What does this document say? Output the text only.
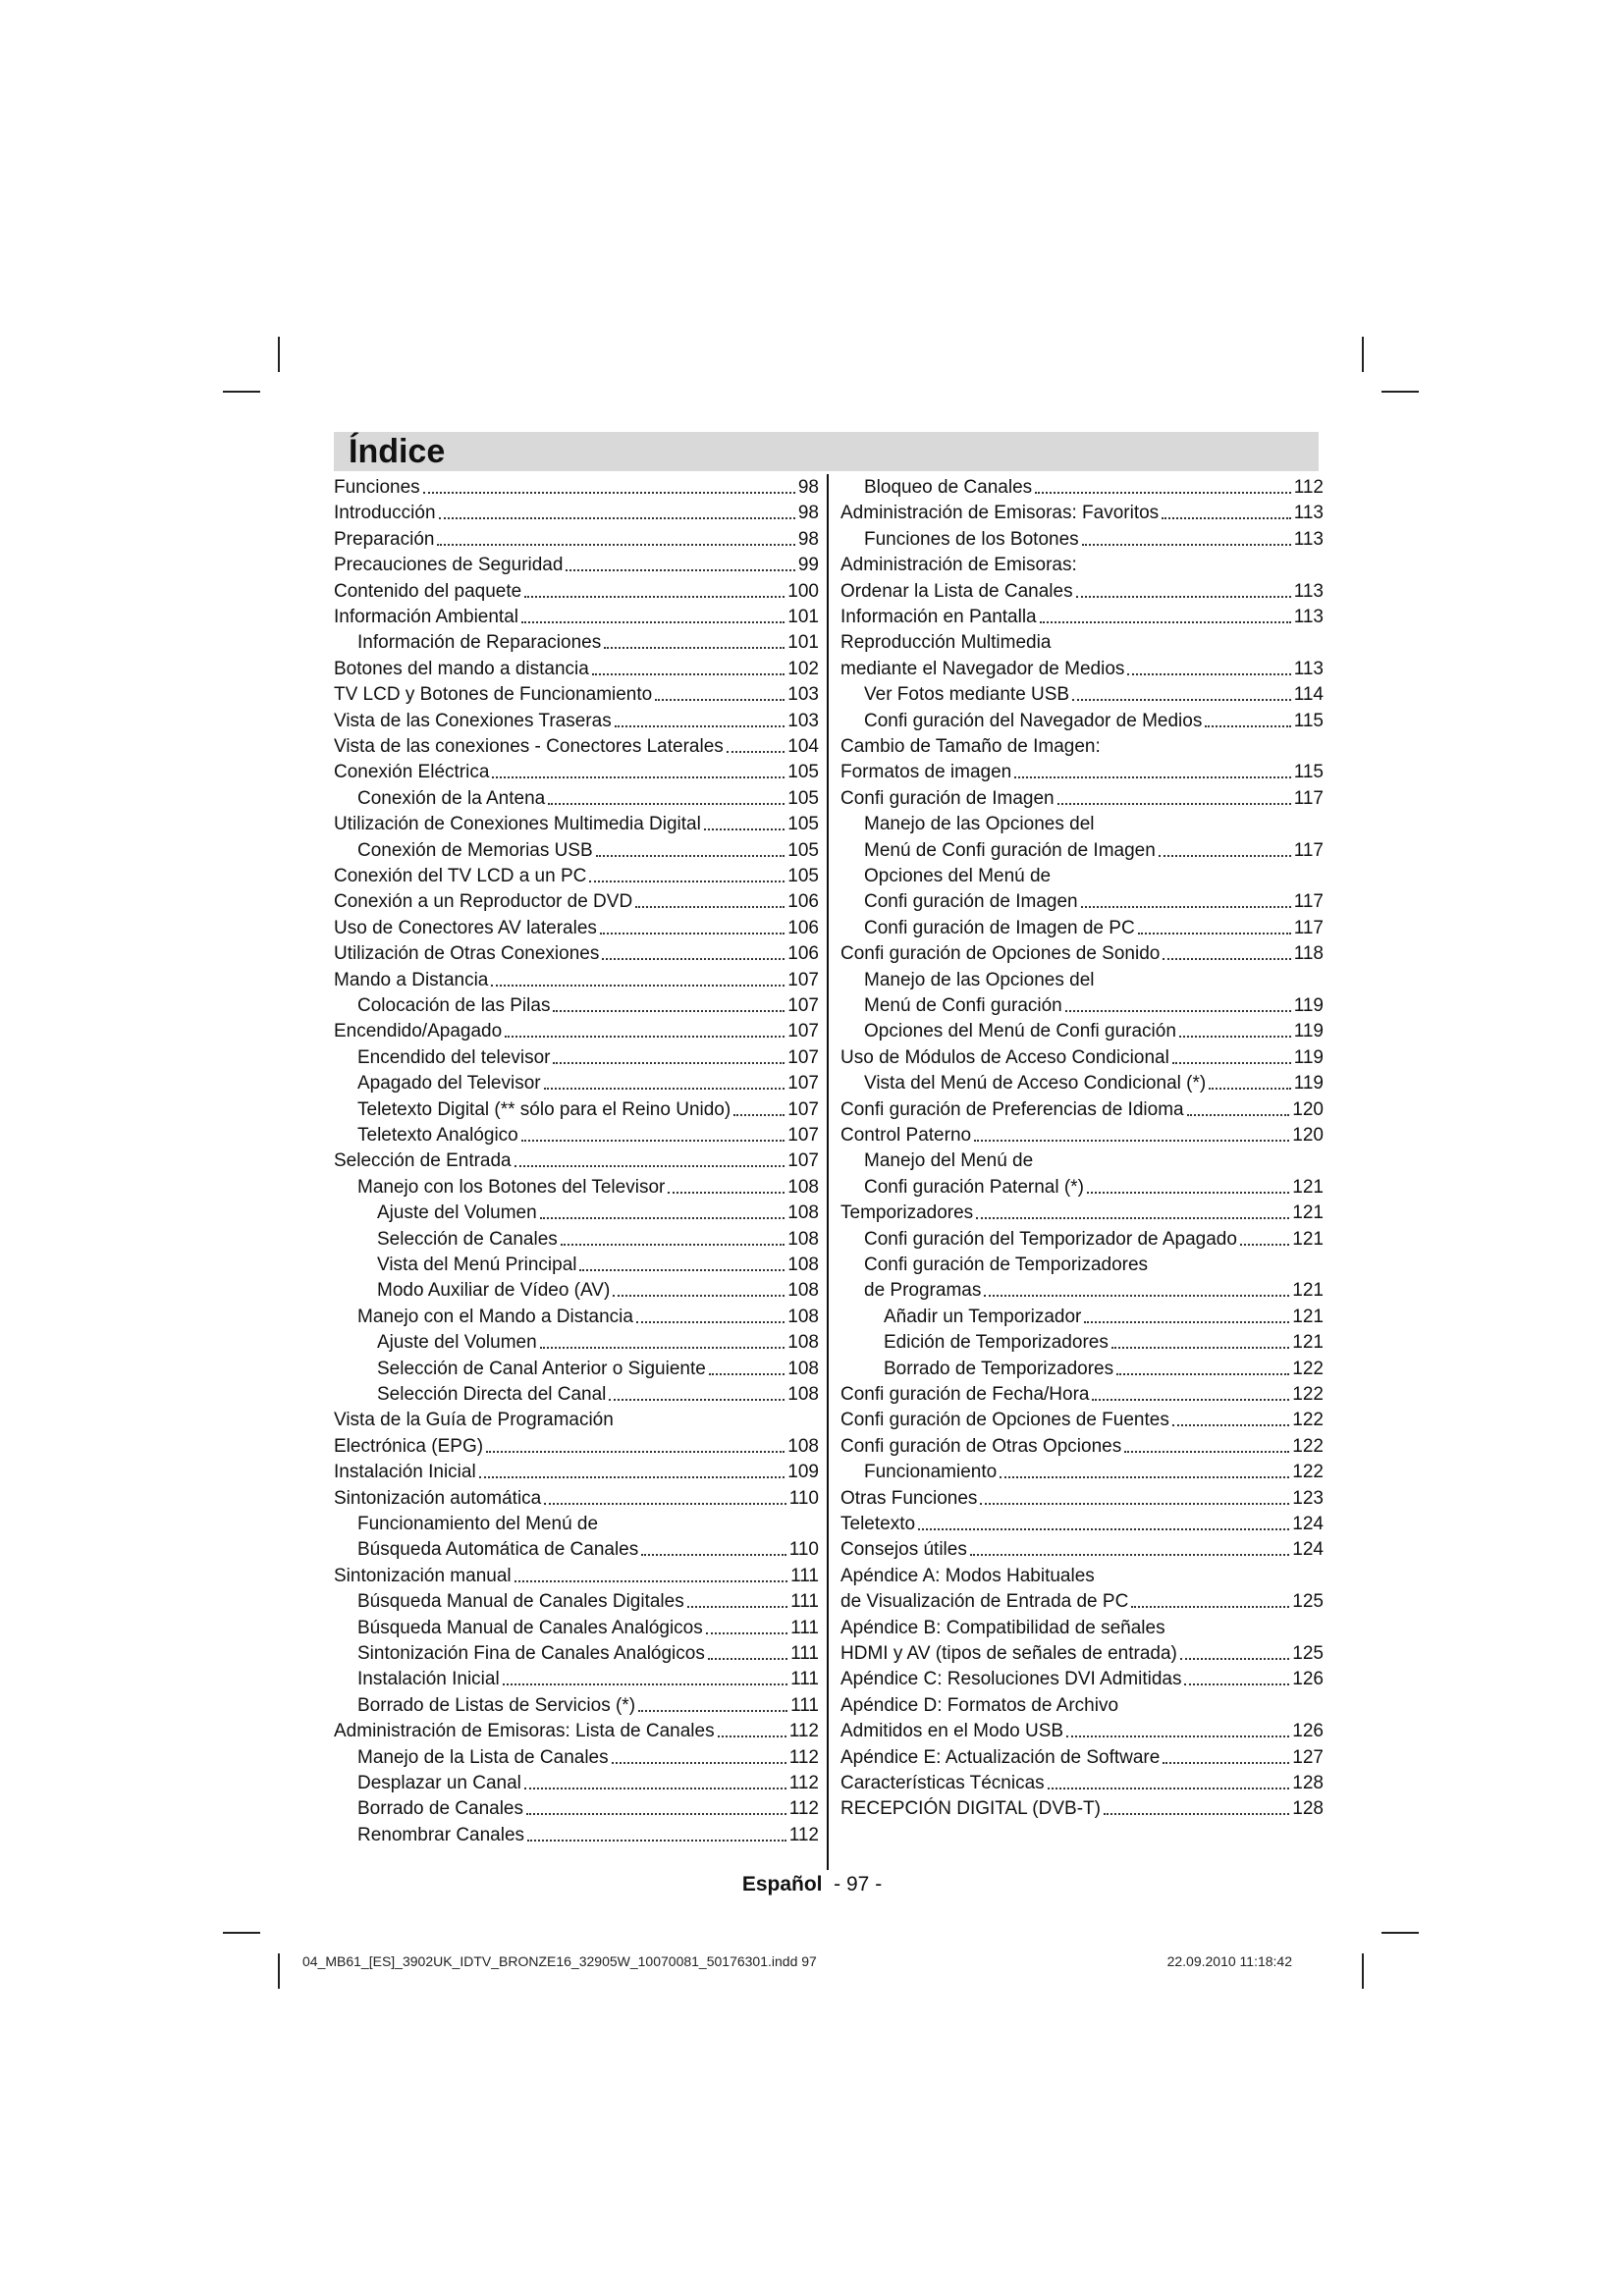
Índice
Funciones	98
Introducción	98
Preparación	98
Precauciones de Seguridad	99
Contenido del paquete	100
Información Ambiental	101
Información de Reparaciones	101
Botones del mando a distancia	102
TV LCD y Botones de Funcionamiento	103
Vista de las Conexiones Traseras	103
Vista de las conexiones - Conectores Laterales	104
Conexión Eléctrica	105
Conexión de la Antena	105
Utilización de Conexiones Multimedia Digital	105
Conexión de Memorias USB	105
Conexión del TV LCD a un PC	105
Conexión a un Reproductor de DVD	106
Uso de Conectores AV laterales	106
Utilización de Otras Conexiones	106
Mando a Distancia	107
Colocación de las Pilas	107
Encendido/Apagado	107
Encendido del televisor	107
Apagado del Televisor	107
Teletexto Digital (** sólo para el Reino Unido)	107
Teletexto Analógico	107
Selección de Entrada	107
Manejo con los Botones del Televisor	108
Ajuste del Volumen	108
Selección de Canales	108
Vista del Menú Principal	108
Modo Auxiliar de Vídeo (AV)	108
Manejo con el Mando a Distancia	108
Ajuste del Volumen	108
Selección de Canal Anterior o Siguiente	108
Selección Directa del Canal	108
Vista de la Guía de Programación
Electrónica (EPG)	108
Instalación Inicial	109
Sintonización automática	110
Funcionamiento del Menú de
Búsqueda Automática de Canales	110
Sintonización manual	111
Búsqueda Manual de Canales Digitales	111
Búsqueda Manual de Canales Analógicos	111
Sintonización Fina de Canales Analógicos	111
Instalación Inicial	111
Borrado de Listas de Servicios (*)	111
Administración de Emisoras: Lista de Canales	112
Manejo de la Lista de Canales	112
Desplazar un Canal	112
Borrado de Canales	112
Renombrar Canales	112
Bloqueo de Canales	112
Administración de Emisoras: Favoritos	113
Funciones de los Botones	113
Administración de Emisoras:
Ordenar la Lista de Canales	113
Información en Pantalla	113
Reproducción Multimedia
mediante el Navegador de Medios	113
Ver Fotos mediante USB	114
Confi guración del Navegador de Medios	115
Cambio de Tamaño de Imagen:
Formatos de imagen	115
Confi guración de Imagen	117
Manejo de las Opciones del
Menú de Confi guración de Imagen	117
Opciones del Menú de
Confi guración de Imagen	117
Confi guración de Imagen de PC	117
Confi guración de Opciones de Sonido	118
Manejo de las Opciones del
Menú de Confi guración	119
Opciones del Menú de Confi guración	119
Uso de Módulos de Acceso Condicional	119
Vista del Menú de Acceso Condicional (*)	119
Confi guración de Preferencias de Idioma	120
Control Paterno	120
Manejo del Menú de
Confi guración Paternal (*)	121
Temporizadores	121
Confi guración del Temporizador de Apagado	121
Confi guración de Temporizadores
de Programas	121
Añadir un Temporizador	121
Edición de Temporizadores	121
Borrado de Temporizadores	122
Confi guración de Fecha/Hora	122
Confi guración de Opciones de Fuentes	122
Confi guración de Otras Opciones	122
Funcionamiento	122
Otras Funciones	123
Teletexto	124
Consejos útiles	124
Apéndice A: Modos Habituales
de Visualización de Entrada de PC	125
Apéndice B: Compatibilidad de señales
HDMI y AV (tipos de señales de entrada)	125
Apéndice C: Resoluciones DVI Admitidas	126
Apéndice D: Formatos de Archivo
Admitidos en el Modo USB	126
Apéndice E: Actualización de Software	127
Características Técnicas	128
RECEPCIÓN DIGITAL (DVB-T)	128
Español - 97 -
04_MB61_[ES]_3902UK_IDTV_BRONZE16_32905W_10070081_50176301.indd 97	22.09.2010 11:18:42
